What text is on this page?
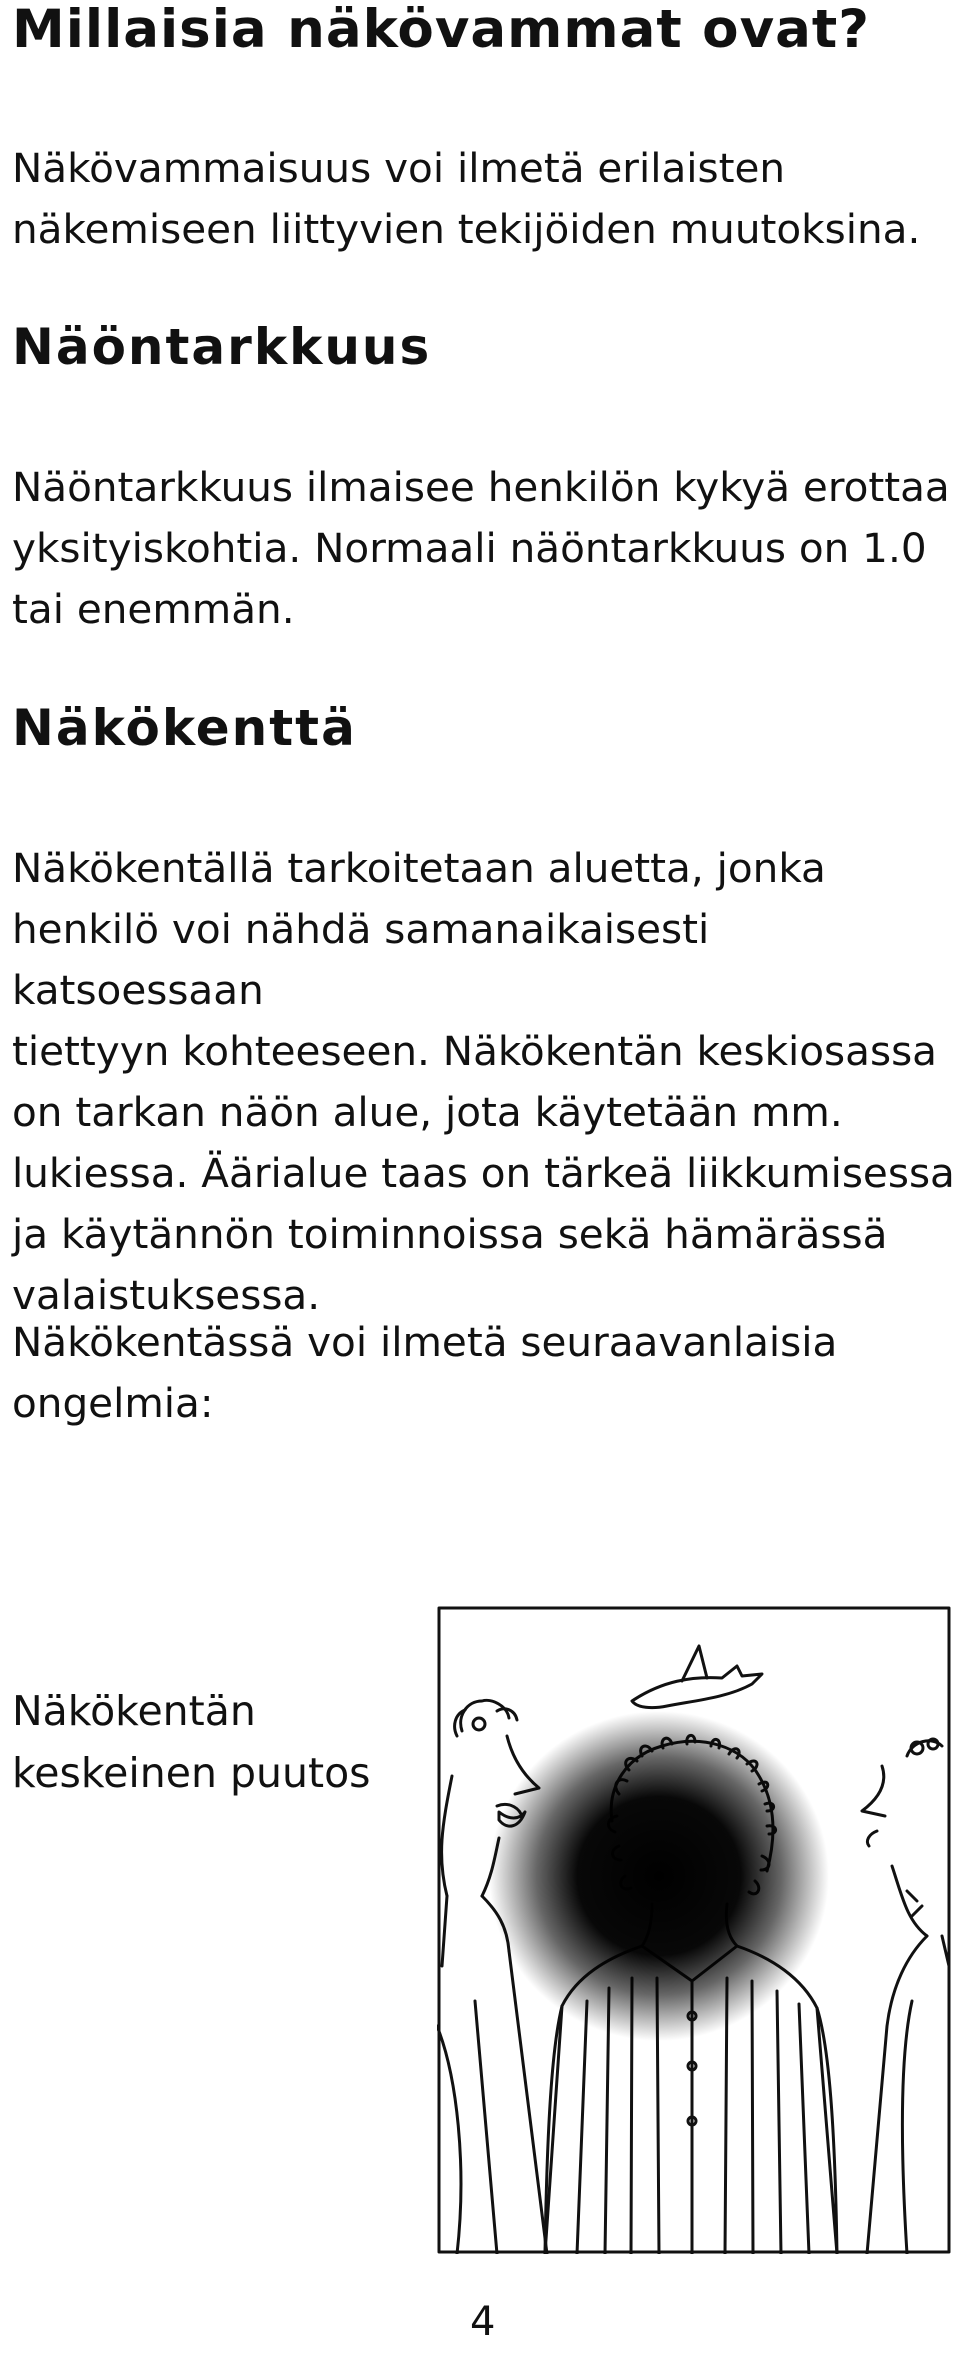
Millaisia näkövammat ovat?

Näkövammaisuus voi ilmetä erilaisten
näkemiseen liittyvien tekijöiden muutoksina.

Näöntarkkuus

Näöntarkkuus ilmaisee henkilön kykyä erottaa
yksityiskohtia. Normaali näöntarkkuus on 1.0
tai enemmän.

Näkökenttä

Näkökentällä tarkoitetaan aluetta, jonka
henkilö voi nähdä samanaikaisesti katsoessaan
tiettyyn kohteeseen. Näkökentän keskiosassa
on tarkan näön alue, jota käytetään mm.
lukiessa. Äärialue taas on tärkeä liikkumisessa
ja käytännön toiminnoissa sekä hämärässä
valaistuksessa.

Näkökentässä voi ilmetä seuraavanlaisia
ongelmia:

Näkökentän
keskeinen puutos

4
